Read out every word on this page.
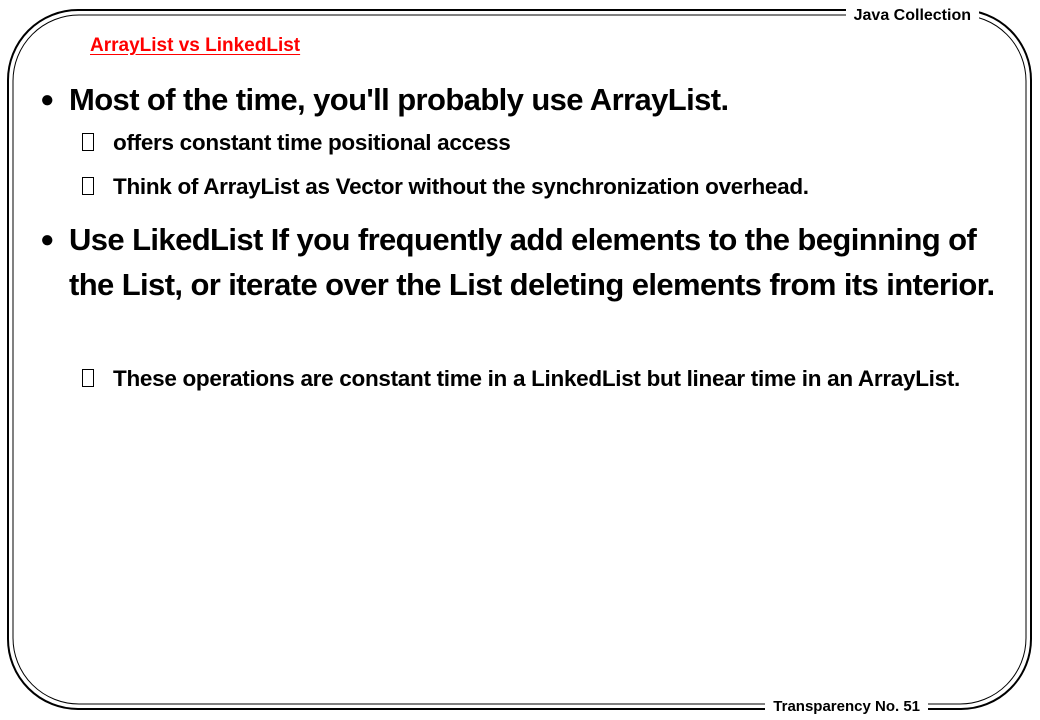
Java Collection
ArrayList vs LinkedList
● Most of the time, you'll probably use ArrayList.
offers constant time positional access
Think of ArrayList as Vector without the synchronization overhead.
● Use LikedList If you frequently add elements to the beginning of the List, or iterate over the List deleting elements from its interior.
These operations are constant time in a LinkedList but linear time in an ArrayList.
Transparency No. 51
